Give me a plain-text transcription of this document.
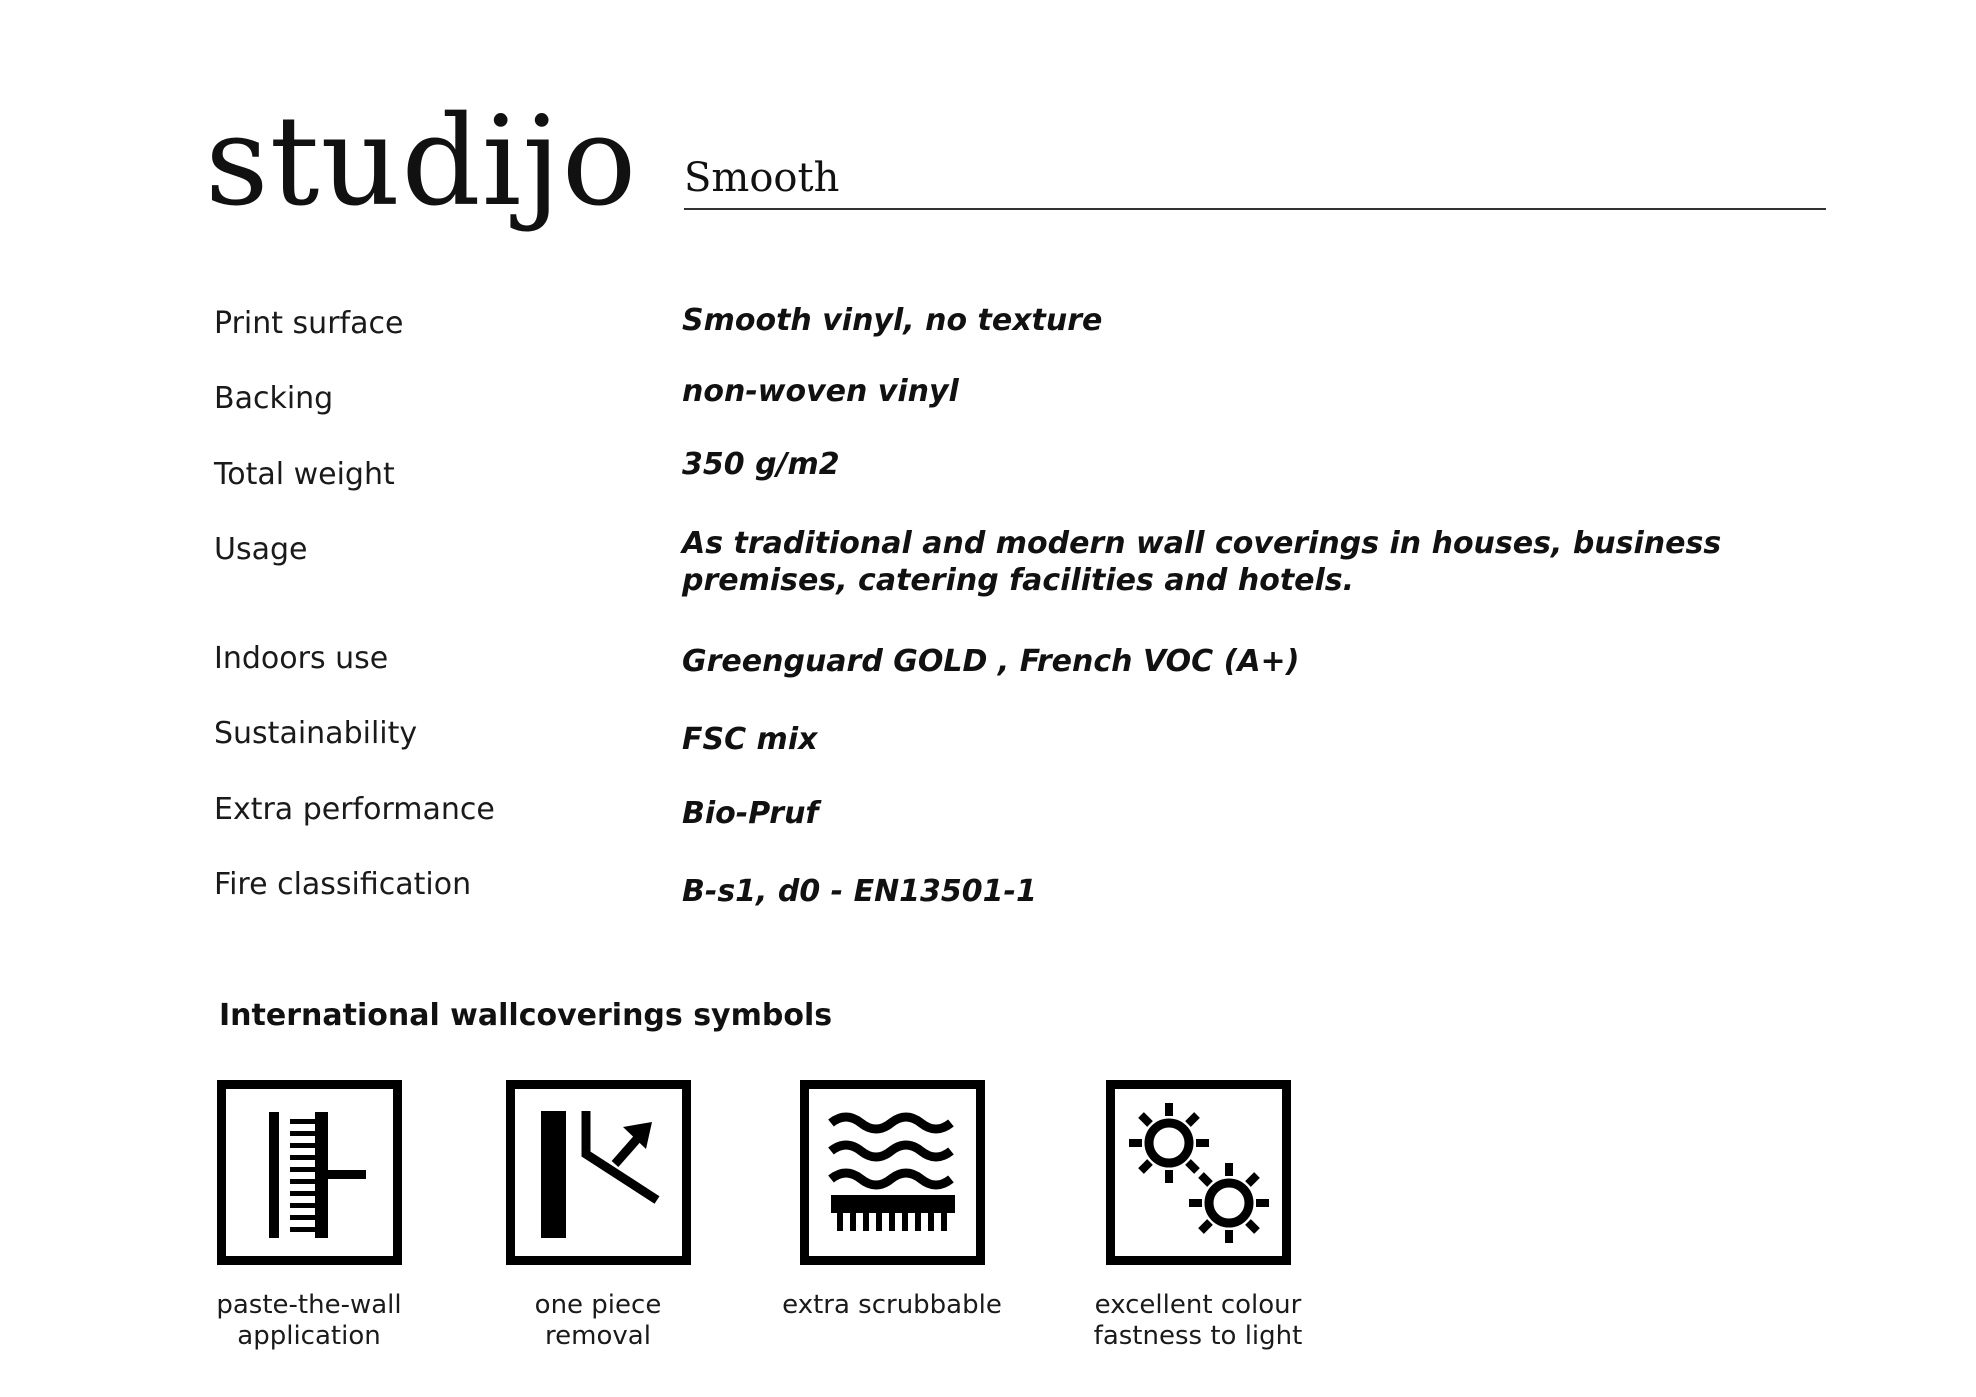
studijo Smooth
Print surface	Smooth vinyl, no texture
Backing	non-woven vinyl
Total weight	350 g/m2
Usage	As traditional and modern wall coverings in houses, business premises, catering facilities and hotels.
Indoors use	Greenguard GOLD , French VOC (A+)
Sustainability	FSC mix
Extra performance	Bio-Pruf
Fire classification	B-s1, d0 - EN13501-1
International wallcoverings symbols
paste-the-wall
application
one piece
removal
extra scrubbable	excellent colour
fastness to light
